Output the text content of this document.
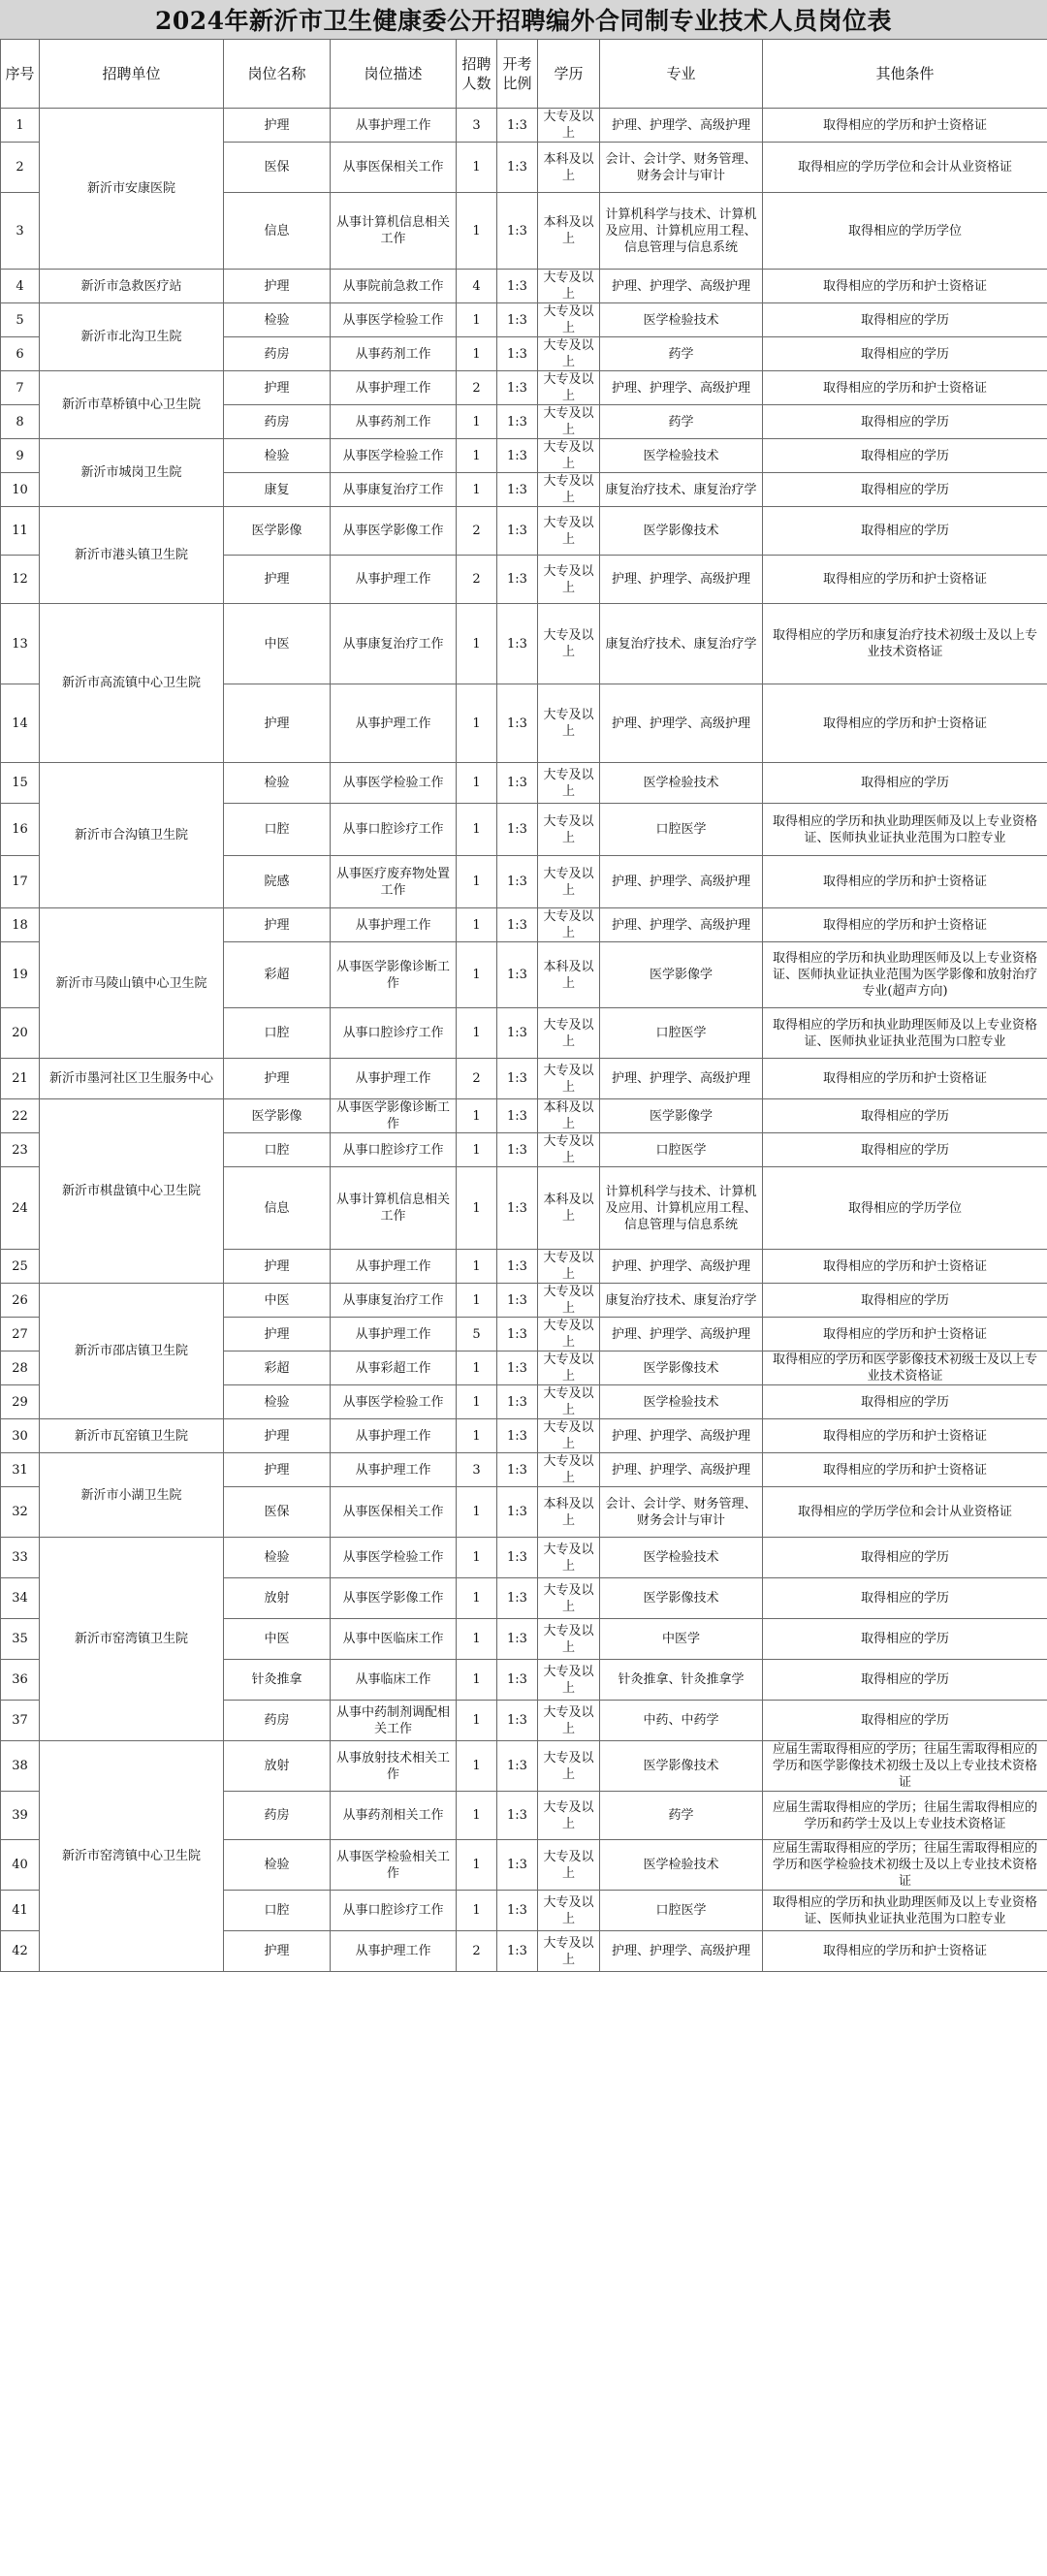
2024年新沂市卫生健康委公开招聘编外合同制专业技术人员岗位表
序号	招聘单位	岗位名称	岗位描述	招聘人数	开考比例	学历	专业	其他条件
1	新沂市安康医院	护理	从事护理工作	3	1:3	大专及以上	护理、护理学、高级护理	取得相应的学历和护士资格证
2		医保	从事医保相关工作	1	1:3	本科及以上	会计、会计学、财务管理、财务会计与审计	取得相应的学历学位和会计从业资格证
3		信息	从事计算机信息相关工作	1	1:3	本科及以上	计算机科学与技术、计算机及应用、计算机应用工程、信息管理与信息系统	取得相应的学历学位
4	新沂市急救医疗站	护理	从事院前急救工作	4	1:3	大专及以上	护理、护理学、高级护理	取得相应的学历和护士资格证
5	新沂市北沟卫生院	检验	从事医学检验工作	1	1:3	大专及以上	医学检验技术	取得相应的学历
6		药房	从事药剂工作	1	1:3	大专及以上	药学	取得相应的学历
7	新沂市草桥镇中心卫生院	护理	从事护理工作	2	1:3	大专及以上	护理、护理学、高级护理	取得相应的学历和护士资格证
8		药房	从事药剂工作	1	1:3	大专及以上	药学	取得相应的学历
9	新沂市城岗卫生院	检验	从事医学检验工作	1	1:3	大专及以上	医学检验技术	取得相应的学历
10		康复	从事康复治疗工作	1	1:3	大专及以上	康复治疗技术、康复治疗学	取得相应的学历
11	新沂市港头镇卫生院	医学影像	从事医学影像工作	2	1:3	大专及以上	医学影像技术	取得相应的学历
12		护理	从事护理工作	2	1:3	大专及以上	护理、护理学、高级护理	取得相应的学历和护士资格证
13	新沂市高流镇中心卫生院	中医	从事康复治疗工作	1	1:3	大专及以上	康复治疗技术、康复治疗学	取得相应的学历和康复治疗技术初级士及以上专业技术资格证
14		护理	从事护理工作	1	1:3	大专及以上	护理、护理学、高级护理	取得相应的学历和护士资格证
15	新沂市合沟镇卫生院	检验	从事医学检验工作	1	1:3	大专及以上	医学检验技术	取得相应的学历
16		口腔	从事口腔诊疗工作	1	1:3	大专及以上	口腔医学	取得相应的学历和执业助理医师及以上专业资格证、医师执业证执业范围为口腔专业
17		院感	从事医疗废弃物处置工作	1	1:3	大专及以上	护理、护理学、高级护理	取得相应的学历和护士资格证
18	新沂市马陵山镇中心卫生院	护理	从事护理工作	1	1:3	大专及以上	护理、护理学、高级护理	取得相应的学历和护士资格证
19		彩超	从事医学影像诊断工作	1	1:3	本科及以上	医学影像学	取得相应的学历和执业助理医师及以上专业资格证、医师执业证执业范围为医学影像和放射治疗专业(超声方向)
20		口腔	从事口腔诊疗工作	1	1:3	大专及以上	口腔医学	取得相应的学历和执业助理医师及以上专业资格证、医师执业证执业范围为口腔专业
21	新沂市墨河社区卫生服务中心	护理	从事护理工作	2	1:3	大专及以上	护理、护理学、高级护理	取得相应的学历和护士资格证
22	新沂市棋盘镇中心卫生院	医学影像	从事医学影像诊断工作	1	1:3	本科及以上	医学影像学	取得相应的学历
23		口腔	从事口腔诊疗工作	1	1:3	大专及以上	口腔医学	取得相应的学历
24		信息	从事计算机信息相关工作	1	1:3	本科及以上	计算机科学与技术、计算机及应用、计算机应用工程、信息管理与信息系统	取得相应的学历学位
25		护理	从事护理工作	1	1:3	大专及以上	护理、护理学、高级护理	取得相应的学历和护士资格证
26	新沂市邵店镇卫生院	中医	从事康复治疗工作	1	1:3	大专及以上	康复治疗技术、康复治疗学	取得相应的学历
27		护理	从事护理工作	5	1:3	大专及以上	护理、护理学、高级护理	取得相应的学历和护士资格证
28		彩超	从事彩超工作	1	1:3	大专及以上	医学影像技术	取得相应的学历和医学影像技术初级士及以上专业技术资格证
29		检验	从事医学检验工作	1	1:3	大专及以上	医学检验技术	取得相应的学历
30	新沂市瓦窑镇卫生院	护理	从事护理工作	1	1:3	大专及以上	护理、护理学、高级护理	取得相应的学历和护士资格证
31	新沂市小湖卫生院	护理	从事护理工作	3	1:3	大专及以上	护理、护理学、高级护理	取得相应的学历和护士资格证
32		医保	从事医保相关工作	1	1:3	本科及以上	会计、会计学、财务管理、财务会计与审计	取得相应的学历学位和会计从业资格证
33	新沂市窑湾镇卫生院	检验	从事医学检验工作	1	1:3	大专及以上	医学检验技术	取得相应的学历
34		放射	从事医学影像工作	1	1:3	大专及以上	医学影像技术	取得相应的学历
35		中医	从事中医临床工作	1	1:3	大专及以上	中医学	取得相应的学历
36		针灸推拿	从事临床工作	1	1:3	大专及以上	针灸推拿、针灸推拿学	取得相应的学历
37		药房	从事中药制剂调配相关工作	1	1:3	大专及以上	中药、中药学	取得相应的学历
38	新沂市窑湾镇中心卫生院	放射	从事放射技术相关工作	1	1:3	大专及以上	医学影像技术	应届生需取得相应的学历；往届生需取得相应的学历和医学影像技术初级士及以上专业技术资格证
39		药房	从事药剂相关工作	1	1:3	大专及以上	药学	应届生需取得相应的学历；往届生需取得相应的学历和药学士及以上专业技术资格证
40		检验	从事医学检验相关工作	1	1:3	大专及以上	医学检验技术	应届生需取得相应的学历；往届生需取得相应的学历和医学检验技术初级士及以上专业技术资格证
41		口腔	从事口腔诊疗工作	1	1:3	大专及以上	口腔医学	取得相应的学历和执业助理医师及以上专业资格证、医师执业证执业范围为口腔专业
42		护理	从事护理工作	2	1:3	大专及以上	护理、护理学、高级护理	取得相应的学历和护士资格证
